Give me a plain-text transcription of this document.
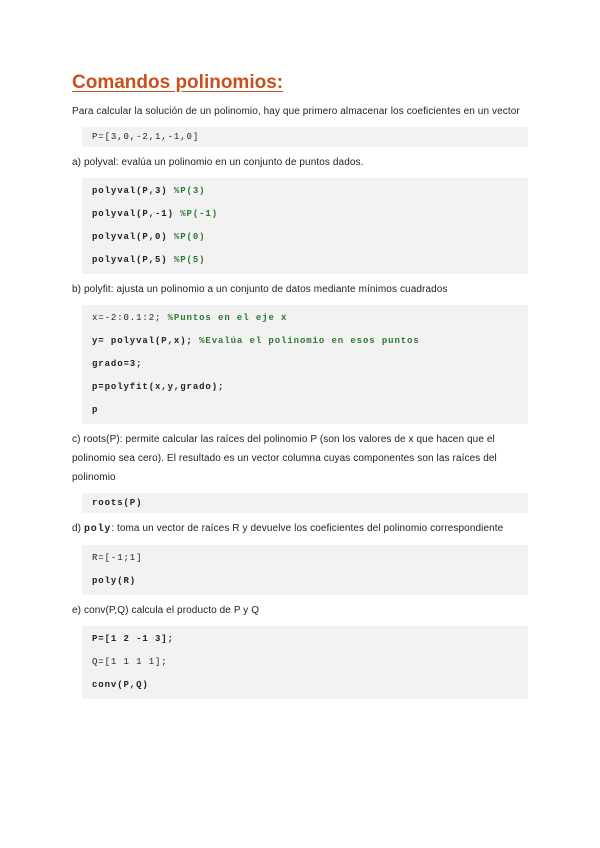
Comandos polinomios:

Para calcular la solución de un polinomio, hay que primero almacenar los coeficientes en un vector

P=[3,0,-2,1,-1,0]

a) polyval: evalúa un polinomio en un conjunto de puntos dados.

polyval(P,3) %P(3)
polyval(P,-1) %P(-1)
polyval(P,0) %P(0)
polyval(P,5) %P(5)

b) polyfit: ajusta un polinomio a un conjunto de datos mediante mínimos cuadrados

x=-2:0.1:2; %Puntos en el eje x
y= polyval(P,x); %Evalúa el polinomio en esos puntos
grado=3;
p=polyfit(x,y,grado);
p

c) roots(P): permite calcular las raíces del polinomio P (son los valores de x que hacen que el polinomio sea cero). El resultado es un vector columna cuyas componentes son las raíces del polinomio

roots(P)

d) poly: toma un vector de raíces R y devuelve los coeficientes del polinomio correspondiente

R=[-1;1]
poly(R)

e) conv(P,Q) calcula el producto de P y Q

P=[1 2 -1 3];
Q=[1 1 1 1];
conv(P,Q)
